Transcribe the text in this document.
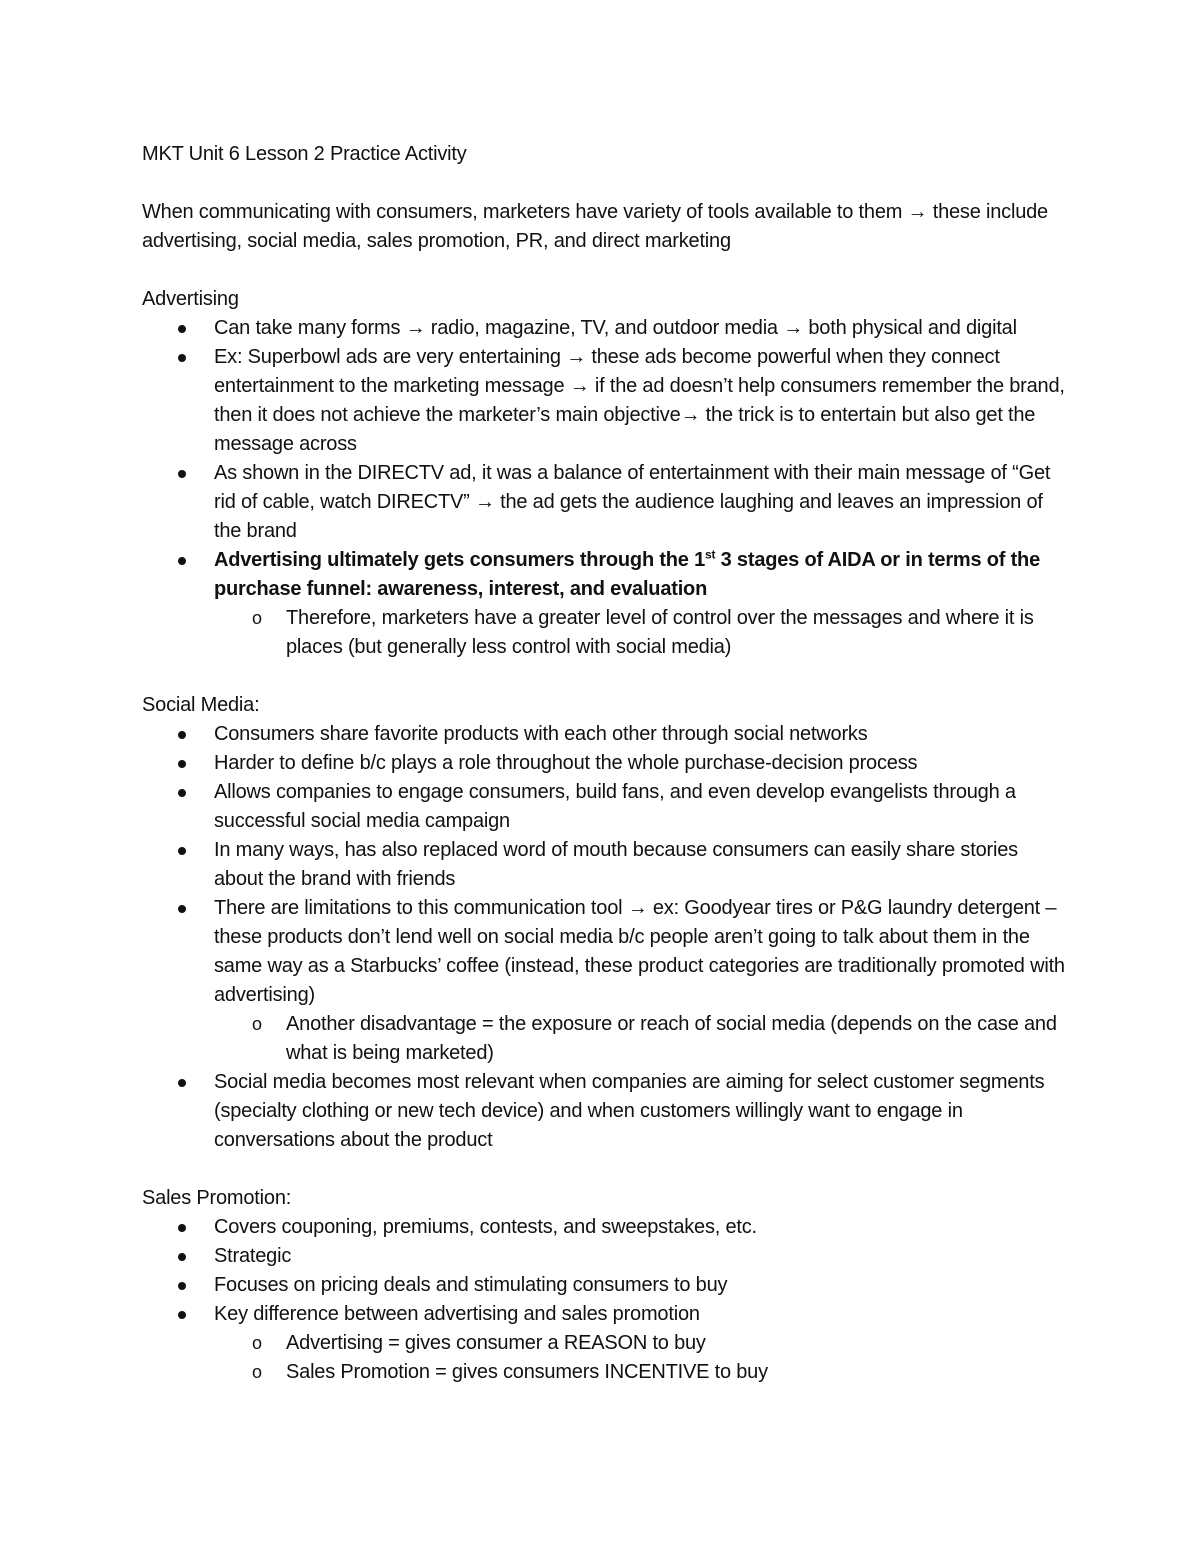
MKT Unit 6 Lesson 2 Practice Activity
When communicating with consumers, marketers have variety of tools available to them → these include advertising, social media, sales promotion, PR, and direct marketing
Advertising
Can take many forms → radio, magazine, TV, and outdoor media → both physical and digital
Ex: Superbowl ads are very entertaining → these ads become powerful when they connect entertainment to the marketing message → if the ad doesn’t help consumers remember the brand, then it does not achieve the marketer’s main objective→ the trick is to entertain but also get the message across
As shown in the DIRECTV ad, it was a balance of entertainment with their main message of “Get rid of cable, watch DIRECTV” → the ad gets the audience laughing and leaves an impression of the brand
Advertising ultimately gets consumers through the 1st 3 stages of AIDA or in terms of the purchase funnel: awareness, interest, and evaluation
o Therefore, marketers have a greater level of control over the messages and where it is places (but generally less control with social media)
Social Media:
Consumers share favorite products with each other through social networks
Harder to define b/c plays a role throughout the whole purchase-decision process
Allows companies to engage consumers, build fans, and even develop evangelists through a successful social media campaign
In many ways, has also replaced word of mouth because consumers can easily share stories about the brand with friends
There are limitations to this communication tool → ex: Goodyear tires or P&G laundry detergent – these products don’t lend well on social media b/c people aren’t going to talk about them in the same way as a Starbucks’ coffee (instead, these product categories are traditionally promoted with advertising)
o Another disadvantage = the exposure or reach of social media (depends on the case and what is being marketed)
Social media becomes most relevant when companies are aiming for select customer segments (specialty clothing or new tech device) and when customers willingly want to engage in conversations about the product
Sales Promotion:
Covers couponing, premiums, contests, and sweepstakes, etc.
Strategic
Focuses on pricing deals and stimulating consumers to buy
Key difference between advertising and sales promotion
o Advertising = gives consumer a REASON to buy
o Sales Promotion = gives consumers INCENTIVE to buy
